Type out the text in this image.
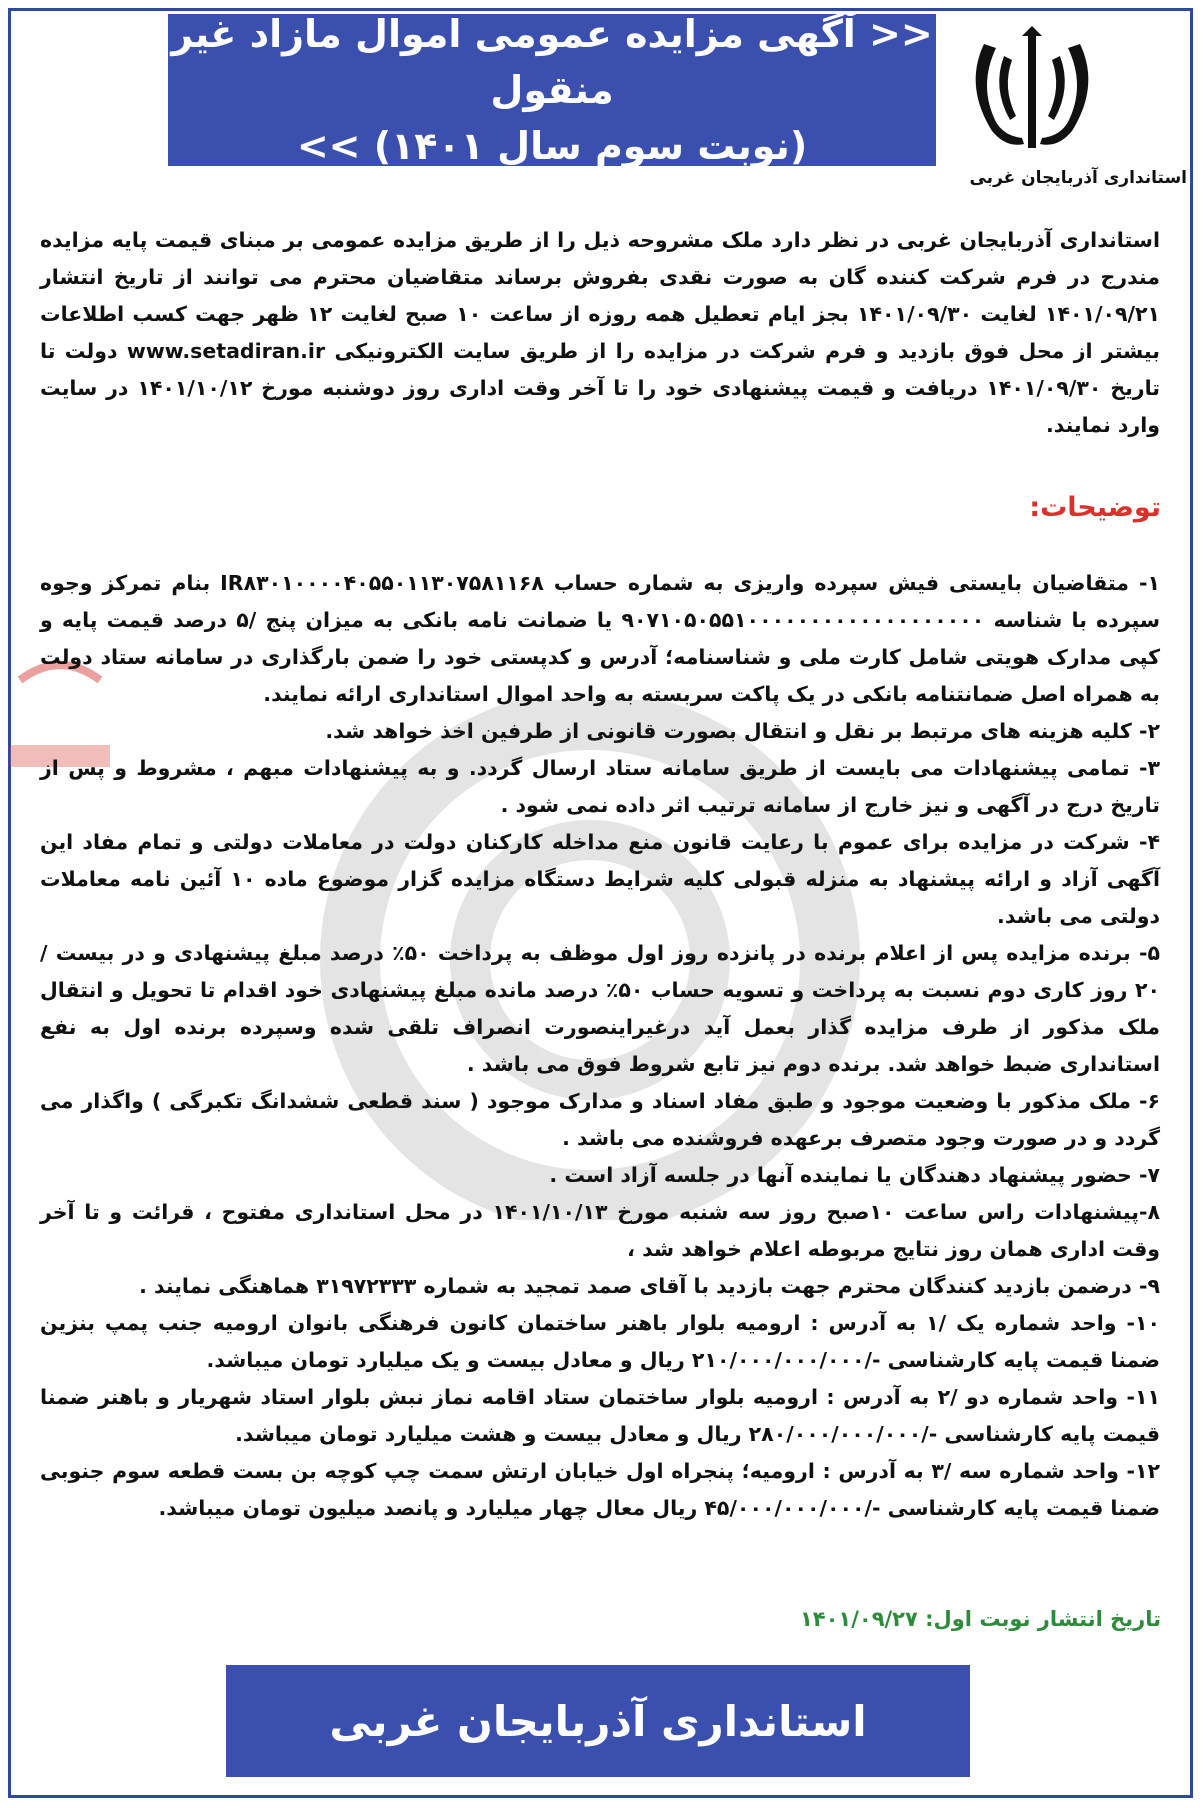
<< آگهی مزایده عمومی اموال مازاد غیر منقول
(نوبت سوم سال ۱۴۰۱) >>
استانداری آذربایجان غربی

استانداری آذربایجان غربی در نظر دارد ملک مشروحه ذیل را از طریق مزایده عمومی بر مبنای قیمت پایه مزایده مندرج در فرم شرکت کننده گان به صورت نقدی بفروش برساند متقاضیان محترم می توانند از تاریخ انتشار ۱۴۰۱/۰۹/۲۱ لغایت ۱۴۰۱/۰۹/۳۰ بجز ایام تعطیل همه روزه از ساعت ۱۰ صبح لغایت ۱۲ ظهر جهت کسب اطلاعات بیشتر از محل فوق بازدید و فرم شرکت در مزایده را از طریق سایت الکترونیکی www.setadiran.ir دولت تا تاریخ ۱۴۰۱/۰۹/۳۰ دریافت و قیمت پیشنهادی خود را تا آخر وقت اداری روز دوشنبه مورخ ۱۴۰۱/۱۰/۱۲ در سایت وارد نمایند.

توضیحات:

۱- متقاضیان بایستی فیش سپرده واریزی به شماره حساب IR۸۳۰۱۰۰۰۰۴۰۵۵۰۱۱۳۰۷۵۸۱۱۶۸ بنام تمرکز وجوه سپرده با شناسه ۹۰۷۱۰۵۰۵۵۱۰۰۰۰۰۰۰۰۰۰۰۰۰۰۰۰۰۰۰ یا ضمانت نامه بانکی به میزان پنج /۵ درصد قیمت پایه و کپی مدارک هویتی شامل کارت ملی و شناسنامه؛ آدرس و کدپستی خود را ضمن بارگذاری در سامانه ستاد دولت به همراه اصل ضمانتنامه بانکی در یک پاکت سربسته به واحد اموال استانداری ارائه نمایند.

۲- کلیه هزینه های مرتبط بر نقل و انتقال بصورت قانونی از طرفین اخذ خواهد شد.

۳- تمامی پیشنهادات می بایست از طریق سامانه ستاد ارسال گردد. و به پیشنهادات مبهم ، مشروط و پس از تاریخ درج در آگهی و نیز خارج از سامانه ترتیب اثر داده نمی شود .

۴- شرکت در مزایده برای عموم با رعایت قانون منع مداخله کارکنان دولت در معاملات دولتی و تمام مفاد این آگهی آزاد و ارائه پیشنهاد به منزله قبولی کلیه شرایط دستگاه مزایده گزار موضوع ماده ۱۰ آئین نامه معاملات دولتی می باشد.

۵- برنده مزایده پس از اعلام برنده در پانزده روز اول موظف به پرداخت ۵۰٪ درصد مبلغ پیشنهادی و در بیست /۲۰ روز کاری دوم نسبت به پرداخت و تسویه حساب ۵۰٪ درصد مانده مبلغ پیشنهادی خود اقدام تا تحویل و انتقال ملک مذکور از طرف مزایده گذار بعمل آید درغیراینصورت انصراف تلقی شده وسپرده برنده اول به نفع استانداری ضبط خواهد شد. برنده دوم نیز تابع شروط فوق می باشد .

۶- ملک مذکور با وضعیت موجود و طبق مفاد اسناد و مدارک موجود ( سند قطعی ششدانگ تکبرگی ) واگذار می گردد و در صورت وجود متصرف برعهده فروشنده می باشد .

۷- حضور پیشنهاد دهندگان یا نماینده آنها در جلسه آزاد است .

۸-پیشنهادات راس ساعت ۱۰صبح روز سه شنبه مورخ ۱۴۰۱/۱۰/۱۳ در محل استانداری مفتوح ، قرائت و تا آخر وقت اداری همان روز نتایج مربوطه اعلام خواهد شد ،

۹- درضمن بازدید کنندگان محترم جهت بازدید با آقای صمد تمجید به شماره ۳۱۹۷۲۳۳۳ هماهنگی نمایند .

۱۰- واحد شماره یک /۱ به آدرس : ارومیه بلوار باهنر ساختمان کانون فرهنگی بانوان ارومیه جنب پمپ بنزین ضمنا قیمت پایه کارشناسی -/۲۱۰/۰۰۰/۰۰۰/۰۰۰ ریال و معادل بیست و یک میلیارد تومان میباشد.

۱۱- واحد شماره دو /۲ به آدرس : ارومیه بلوار ساختمان ستاد اقامه نماز نبش بلوار استاد شهریار و باهنر ضمنا قیمت پایه کارشناسی -/۲۸۰/۰۰۰/۰۰۰/۰۰۰ ریال و معادل بیست و هشت میلیارد تومان میباشد.

۱۲- واحد شماره سه /۳ به آدرس : ارومیه؛ پنجراه اول خیابان ارتش سمت چپ کوچه بن بست قطعه سوم جنوبی ضمنا قیمت پایه کارشناسی -/۴۵/۰۰۰/۰۰۰/۰۰۰ ریال معال چهار میلیارد و پانصد میلیون تومان میباشد.

تاریخ انتشار نوبت اول: ۱۴۰۱/۰۹/۲۷
استانداری آذربایجان غربی
